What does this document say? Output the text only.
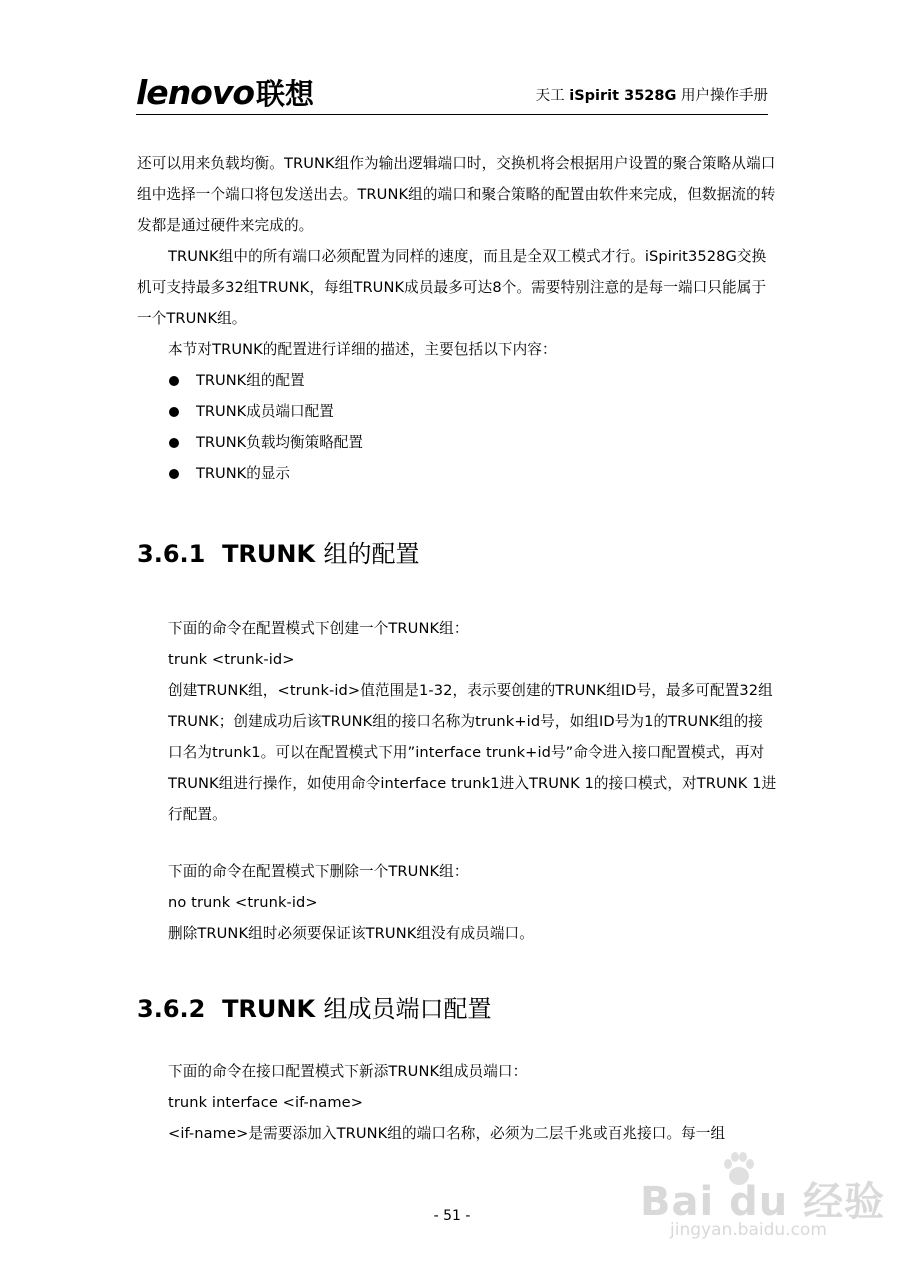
lenovo联想	天工 iSpirit 3528G 用户操作手册

还可以用来负载均衡。TRUNK组作为输出逻辑端口时，交换机将会根据用户设置的聚合策略从端口组中选择一个端口将包发送出去。TRUNK组的端口和聚合策略的配置由软件来完成，但数据流的转发都是通过硬件来完成的。

TRUNK组中的所有端口必须配置为同样的速度，而且是全双工模式才行。iSpirit3528G交换机可支持最多32组TRUNK，每组TRUNK成员最多可达8个。需要特别注意的是每一端口只能属于一个TRUNK组。

本节对TRUNK的配置进行详细的描述，主要包括以下内容：

TRUNK组的配置
TRUNK成员端口配置
TRUNK负载均衡策略配置
TRUNK的显示
3.6.1 TRUNK 组的配置

下面的命令在配置模式下创建一个TRUNK组：

trunk <trunk-id>

创建TRUNK组，<trunk-id>值范围是1-32，表示要创建的TRUNK组ID号，最多可配置32组TRUNK；创建成功后该TRUNK组的接口名称为trunk+id号，如组ID号为1的TRUNK组的接口名为trunk1。可以在配置模式下用”interface trunk+id号”命令进入接口配置模式，再对TRUNK组进行操作，如使用命令interface trunk1进入TRUNK 1的接口模式，对TRUNK 1进行配置。

下面的命令在配置模式下删除一个TRUNK组：

no trunk <trunk-id>

删除TRUNK组时必须要保证该TRUNK组没有成员端口。

3.6.2 TRUNK 组成员端口配置

下面的命令在接口配置模式下新添TRUNK组成员端口：

trunk interface <if-name>

<if-name>是需要添加入TRUNK组的端口名称，必须为二层千兆或百兆接口。每一组

- 51 -	Bai du 经验
jingyan.baidu.com
